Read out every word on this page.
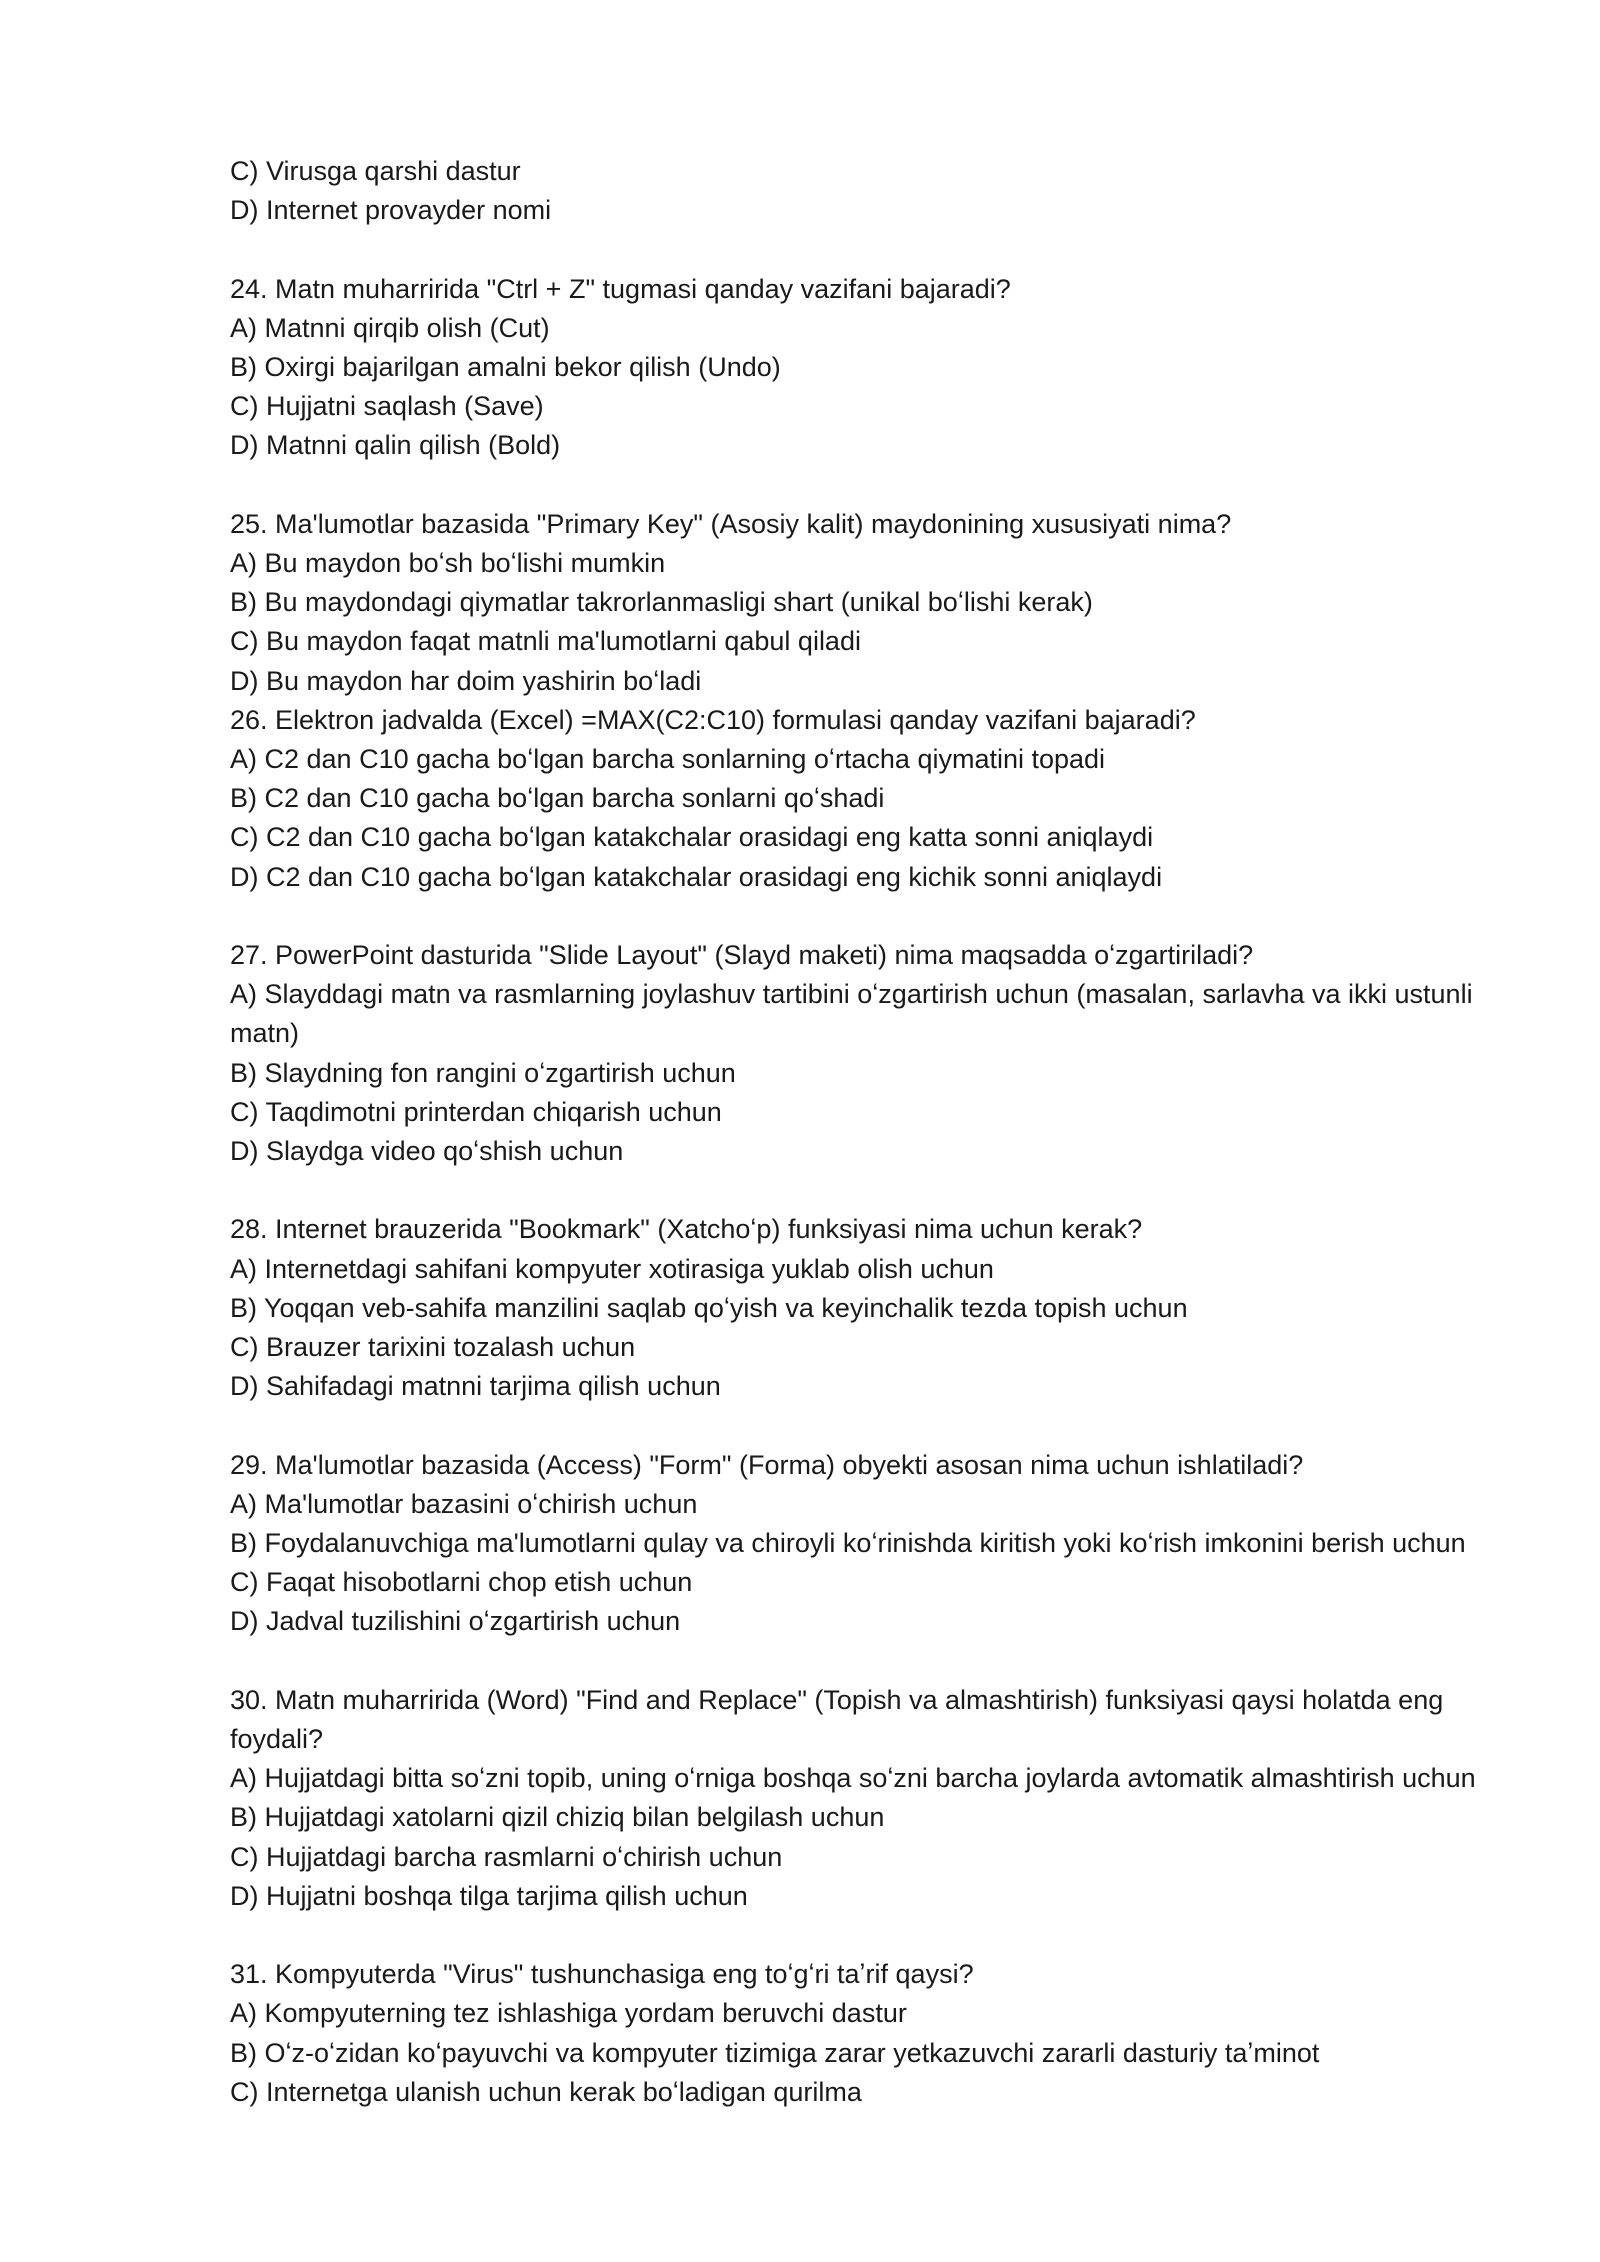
C) Virusga qarshi dastur

D) Internet provayder nomi

24. Matn muharririda "Ctrl + Z" tugmasi qanday vazifani bajaradi?

A) Matnni qirqib olish (Cut)

B) Oxirgi bajarilgan amalni bekor qilish (Undo)

C) Hujjatni saqlash (Save)

D) Matnni qalin qilish (Bold)

25. Ma'lumotlar bazasida "Primary Key" (Asosiy kalit) maydonining xususiyati nima?

A) Bu maydon boʻsh boʻlishi mumkin

B) Bu maydondagi qiymatlar takrorlanmasligi shart (unikal boʻlishi kerak)

C) Bu maydon faqat matnli ma'lumotlarni qabul qiladi

D) Bu maydon har doim yashirin boʻladi

26. Elektron jadvalda (Excel) =MAX(C2:C10) formulasi qanday vazifani bajaradi?

A) C2 dan C10 gacha boʻlgan barcha sonlarning oʻrtacha qiymatini topadi

B) C2 dan C10 gacha boʻlgan barcha sonlarni qoʻshadi

C) C2 dan C10 gacha boʻlgan katakchalar orasidagi eng katta sonni aniqlaydi

D) C2 dan C10 gacha boʻlgan katakchalar orasidagi eng kichik sonni aniqlaydi

27. PowerPoint dasturida "Slide Layout" (Slayd maketi) nima maqsadda oʻzgartiriladi?

A) Slayddagi matn va rasmlarning joylashuv tartibini oʻzgartirish uchun (masalan, sarlavha va ikki ustunli matn)

B) Slaydning fon rangini oʻzgartirish uchun

C) Taqdimotni printerdan chiqarish uchun

D) Slaydga video qoʻshish uchun

28. Internet brauzerida "Bookmark" (Xatchoʻp) funksiyasi nima uchun kerak?

A) Internetdagi sahifani kompyuter xotirasiga yuklab olish uchun

B) Yoqqan veb-sahifa manzilini saqlab qoʻyish va keyinchalik tezda topish uchun

C) Brauzer tarixini tozalash uchun

D) Sahifadagi matnni tarjima qilish uchun

29. Ma'lumotlar bazasida (Access) "Form" (Forma) obyekti asosan nima uchun ishlatiladi?

A) Ma'lumotlar bazasini oʻchirish uchun

B) Foydalanuvchiga ma'lumotlarni qulay va chiroyli koʻrinishda kiritish yoki koʻrish imkonini berish uchun

C) Faqat hisobotlarni chop etish uchun

D) Jadval tuzilishini oʻzgartirish uchun

30. Matn muharririda (Word) "Find and Replace" (Topish va almashtirish) funksiyasi qaysi holatda eng foydali?

A) Hujjatdagi bitta soʻzni topib, uning oʻrniga boshqa soʻzni barcha joylarda avtomatik almashtirish uchun

B) Hujjatdagi xatolarni qizil chiziq bilan belgilash uchun

C) Hujjatdagi barcha rasmlarni oʻchirish uchun

D) Hujjatni boshqa tilga tarjima qilish uchun

31. Kompyuterda "Virus" tushunchasiga eng toʻgʻri taʼrif qaysi?

A) Kompyuterning tez ishlashiga yordam beruvchi dastur

B) Oʻz-oʻzidan koʻpayuvchi va kompyuter tizimiga zarar yetkazuvchi zararli dasturiy taʼminot

C) Internetga ulanish uchun kerak boʻladigan qurilma
